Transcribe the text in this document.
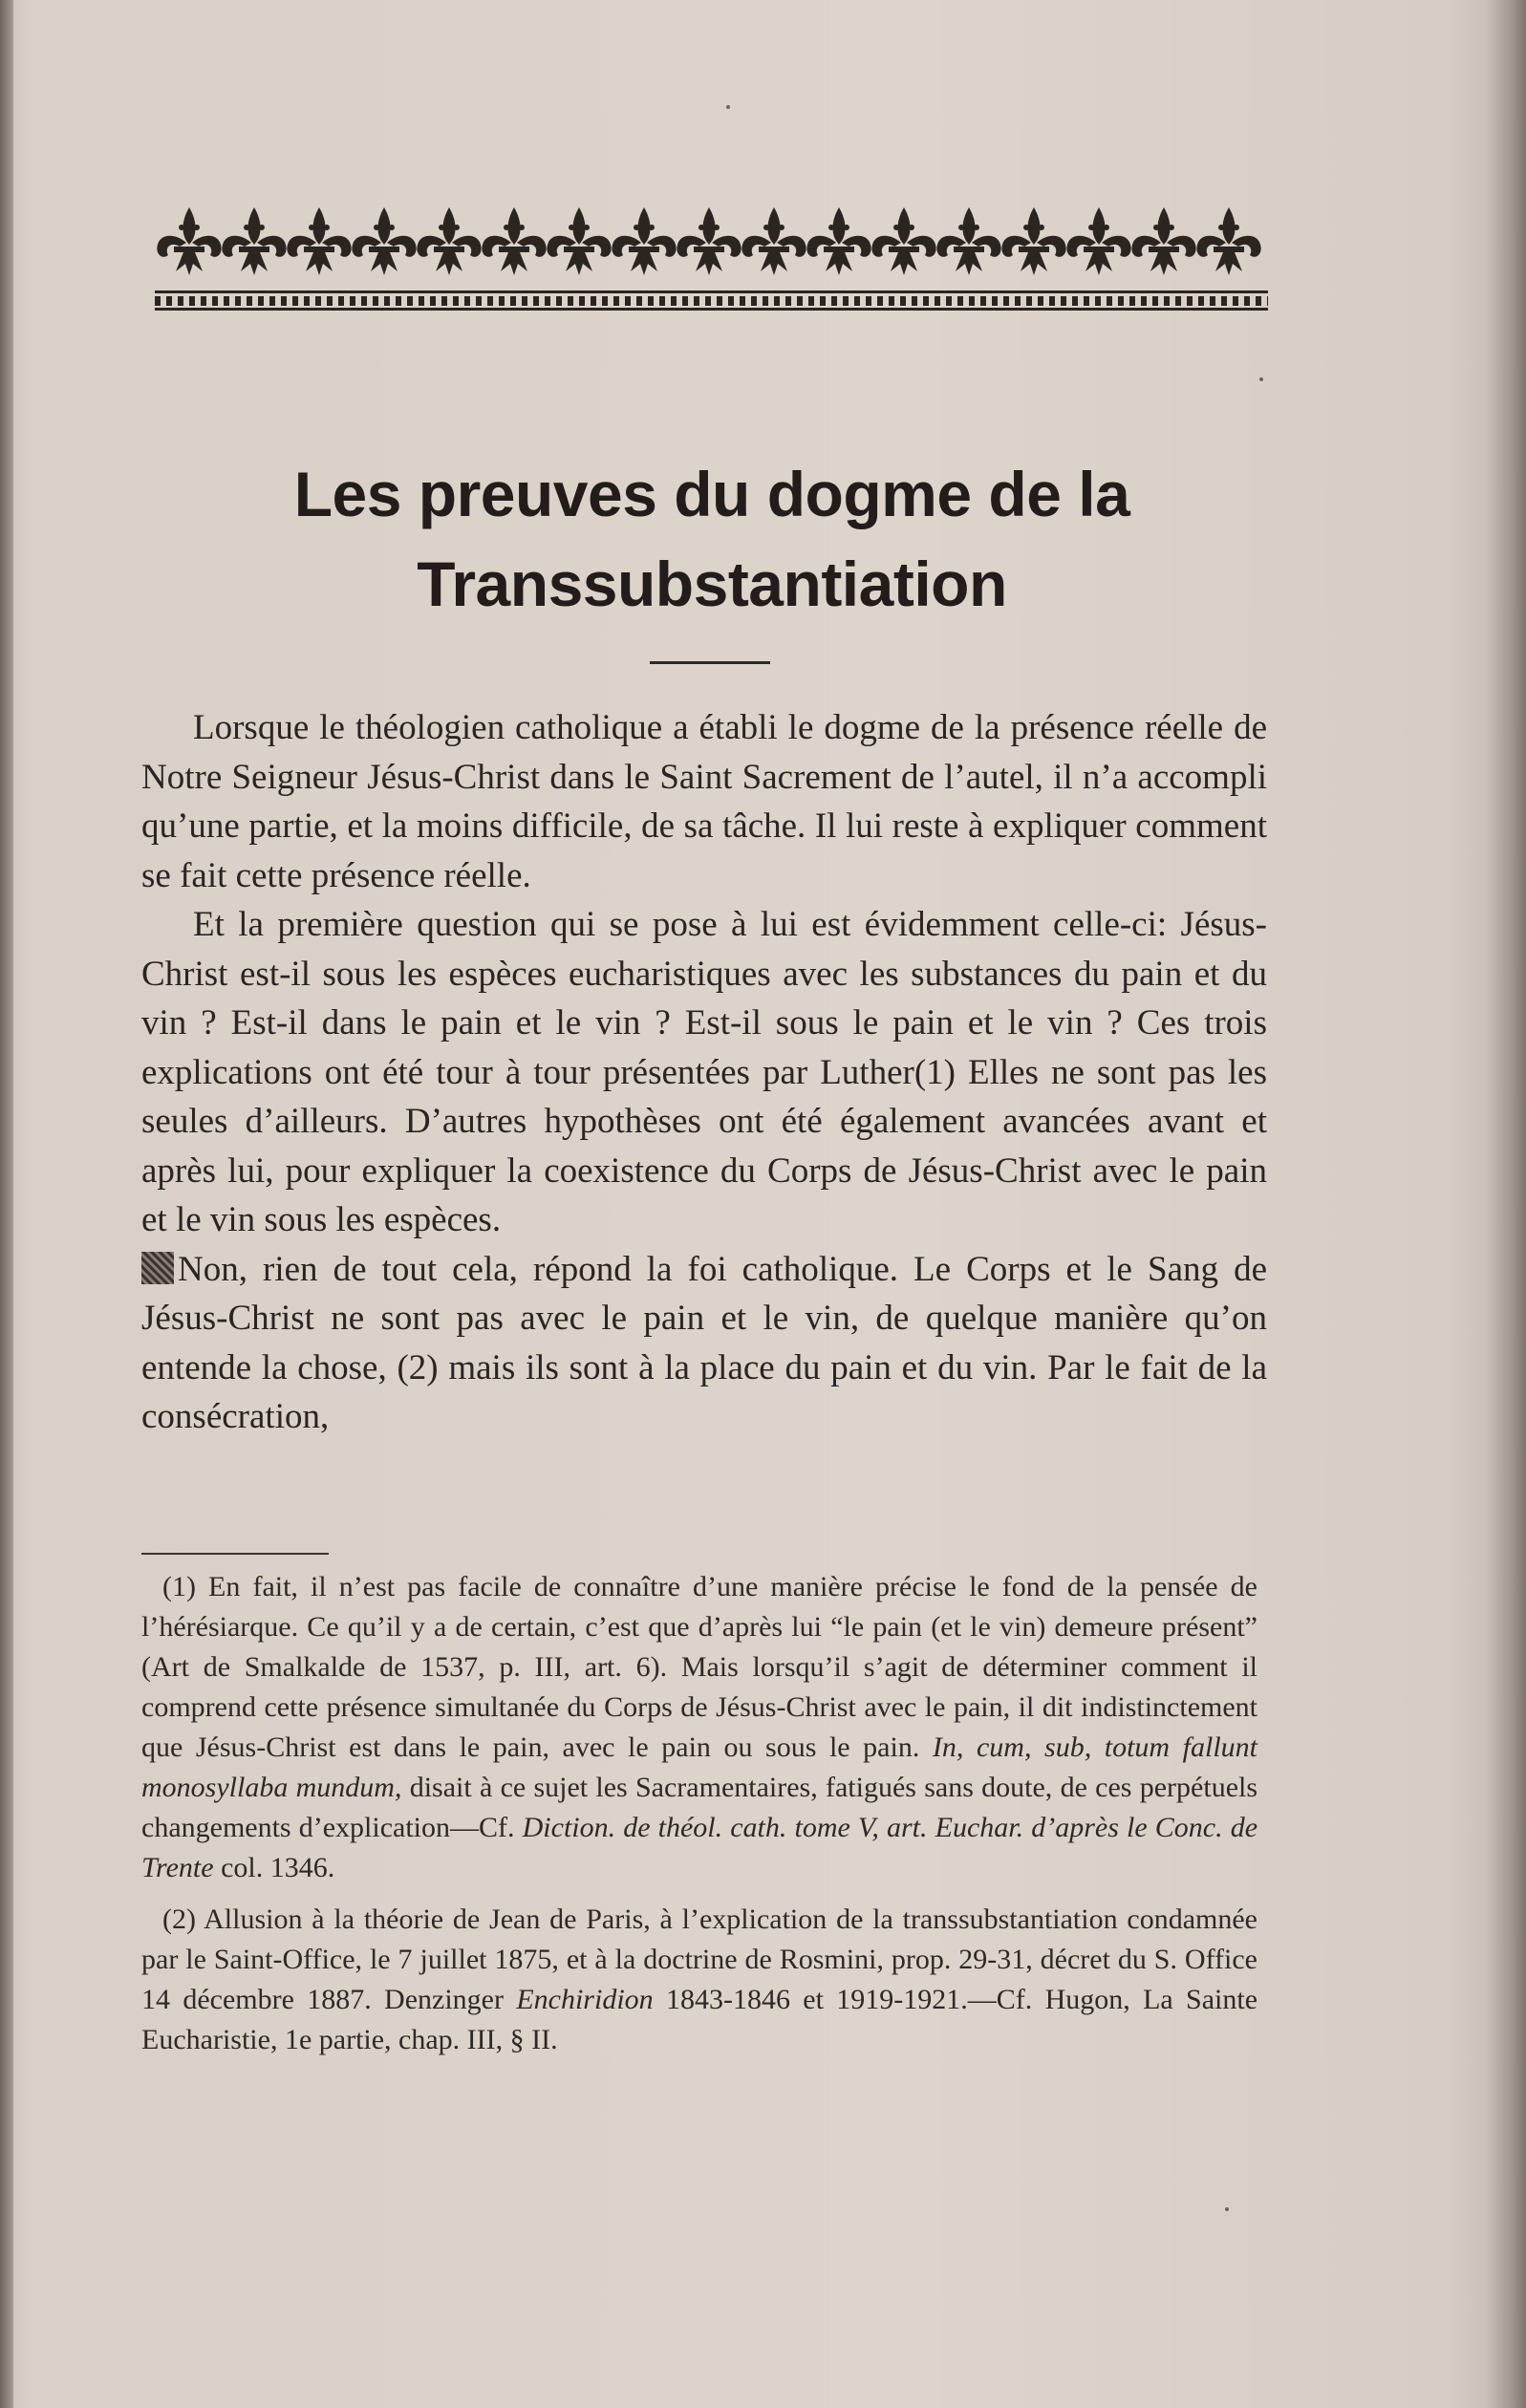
Les preuves du dogme de la
Transsubstantiation

Lorsque le théologien catholique a établi le dogme de la présence réelle de Notre Seigneur Jésus-Christ dans le Saint Sacrement de l’autel, il n’a accompli qu’une partie, et la moins difficile, de sa tâche. Il lui reste à expliquer comment se fait cette présence réelle.

Et la première question qui se pose à lui est évidemment celle-ci: Jésus-Christ est-il sous les espèces eucharistiques avec les substances du pain et du vin ? Est-il dans le pain et le vin ? Est-il sous le pain et le vin ? Ces trois explications ont été tour à tour présentées par Luther(1) Elles ne sont pas les seules d’ailleurs. D’autres hypothèses ont été également avancées avant et après lui, pour expliquer la coexistence du Corps de Jésus-Christ avec le pain et le vin sous les espèces.

Non, rien de tout cela, répond la foi catholique. Le Corps et le Sang de Jésus-Christ ne sont pas avec le pain et le vin, de quelque manière qu’on entende la chose, (2) mais ils sont à la place du pain et du vin. Par le fait de la consécration,

(1) En fait, il n’est pas facile de connaître d’une manière précise le fond de la pensée de l’hérésiarque. Ce qu’il y a de certain, c’est que d’après lui “le pain (et le vin) demeure présent” (Art de Smalkalde de 1537, p. III, art. 6). Mais lorsqu’il s’agit de déterminer comment il comprend cette présence simultanée du Corps de Jésus-Christ avec le pain, il dit indistinctement que Jésus-Christ est dans le pain, avec le pain ou sous le pain. In, cum, sub, totum fallunt monosyllaba mundum, disait à ce sujet les Sacramentaires, fatigués sans doute, de ces perpétuels changements d’explication—Cf. Diction. de théol. cath. tome V, art. Euchar. d’après le Conc. de Trente col. 1346.

(2) Allusion à la théorie de Jean de Paris, à l’explication de la transsubstantiation condamnée par le Saint-Office, le 7 juillet 1875, et à la doctrine de Rosmini, prop. 29-31, décret du S. Office 14 décembre 1887. Denzinger Enchiridion 1843-1846 et 1919-1921.—Cf. Hugon, La Sainte Eucharistie, 1e partie, chap. III, § II.
